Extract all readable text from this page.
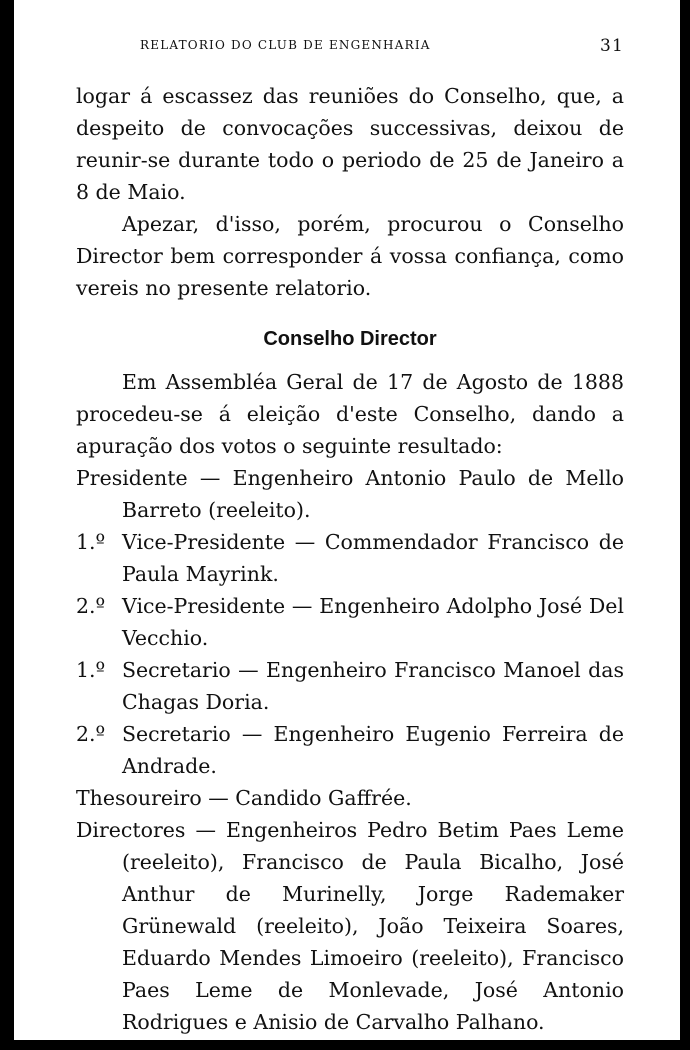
RELATORIO DO CLUB DE ENGENHARIA	31

logar á escassez das reuniões do Conselho, que, a despeito de convocações successivas, deixou de reunir-se durante todo o periodo de 25 de Janeiro a 8 de Maio.

Apezar, d'isso, porém, procurou o Conselho Director bem corresponder á vossa confiança, como vereis no presente relatorio.

Conselho Director

Em Assembléa Geral de 17 de Agosto de 1888 procedeu-se á eleição d'este Conselho, dando a apuração dos votos o seguinte resultado:

Presidente — Engenheiro Antonio Paulo de Mello Barreto (reeleito).

1.º Vice-Presidente — Commendador Francisco de Paula Mayrink.

2.º Vice-Presidente — Engenheiro Adolpho José Del Vecchio.

1.º Secretario — Engenheiro Francisco Manoel das Chagas Doria.

2.º Secretario — Engenheiro Eugenio Ferreira de Andrade.

Thesoureiro — Candido Gaffrée.

Directores — Engenheiros Pedro Betim Paes Leme (reeleito), Francisco de Paula Bicalho, José Anthur de Murinelly, Jorge Rademaker Grünewald (reeleito), João Teixeira Soares, Eduardo Mendes Limoeiro (reeleito), Francisco Paes Leme de Monlevade, José Antonio Rodrigues e Anisio de Carvalho Palhano.
